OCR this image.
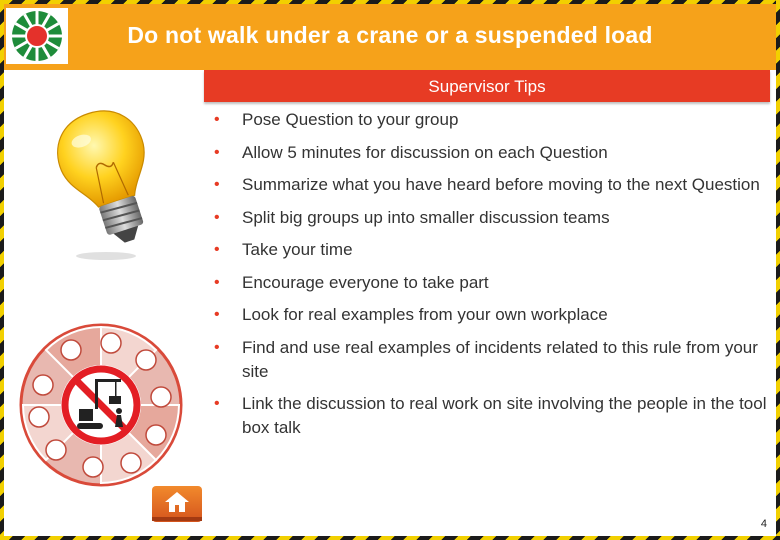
Do not walk under a crane or a suspended load
Supervisor Tips
• Pose Question to your group
• Allow 5 minutes for discussion on each Question
• Summarize what you have heard before moving to the next Question
• Split big groups up into smaller discussion teams
• Take your time
• Encourage everyone to take part
• Look for real examples from your own workplace
• Find and use real examples of incidents related to this rule from your site
• Link the discussion to real work on site involving the people in the tool box talk
4
